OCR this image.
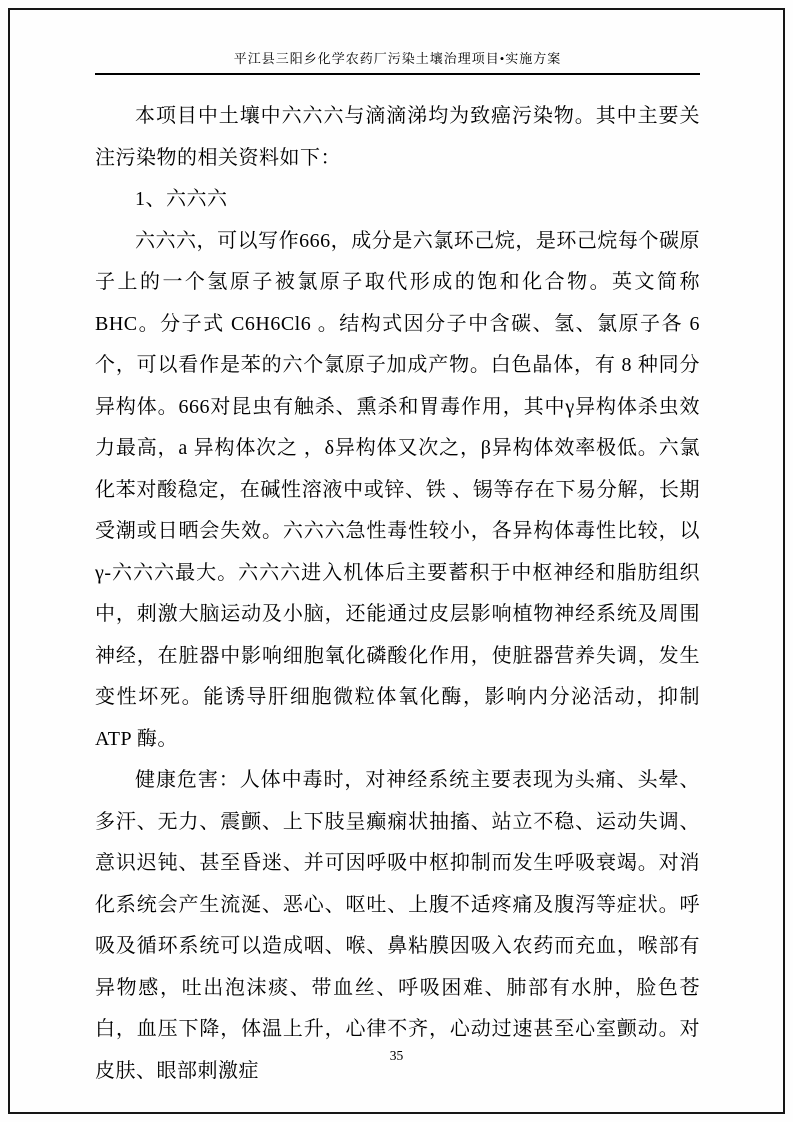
平江县三阳乡化学农药厂污染土壤治理项目•实施方案

本项目中土壤中六六六与滴滴涕均为致癌污染物。其中主要关注污染物的相关资料如下：

1、六六六

六六六，可以写作666，成分是六氯环己烷，是环己烷每个碳原子上的一个氢原子被氯原子取代形成的饱和化合物。英文简称 BHC。分子式 C6H6Cl6 。结构式因分子中含碳、氢、氯原子各 6 个，可以看作是苯的六个氯原子加成产物。白色晶体，有 8 种同分异构体。666对昆虫有触杀、熏杀和胃毒作用，其中γ异构体杀虫效力最高，a 异构体次之 ，δ异构体又次之，β异构体效率极低。六氯化苯对酸稳定，在碱性溶液中或锌、铁 、锡等存在下易分解，长期受潮或日晒会失效。六六六急性毒性较小，各异构体毒性比较，以γ-六六六最大。六六六进入机体后主要蓄积于中枢神经和脂肪组织中，刺激大脑运动及小脑，还能通过皮层影响植物神经系统及周围神经，在脏器中影响细胞氧化磷酸化作用，使脏器营养失调，发生变性坏死。能诱导肝细胞微粒体氧化酶，影响内分泌活动，抑制 ATP 酶。

健康危害：人体中毒时，对神经系统主要表现为头痛、头晕、多汗、无力、震颤、上下肢呈癫痫状抽搐、站立不稳、运动失调、意识迟钝、甚至昏迷、并可因呼吸中枢抑制而发生呼吸衰竭。对消化系统会产生流涎、恶心、呕吐、上腹不适疼痛及腹泻等症状。呼吸及循环系统可以造成咽、喉、鼻粘膜因吸入农药而充血，喉部有异物感，吐出泡沫痰、带血丝、呼吸困难、肺部有水肿，脸色苍白，血压下降，体温上升，心律不齐，心动过速甚至心室颤动。对皮肤、眼部刺激症

35
